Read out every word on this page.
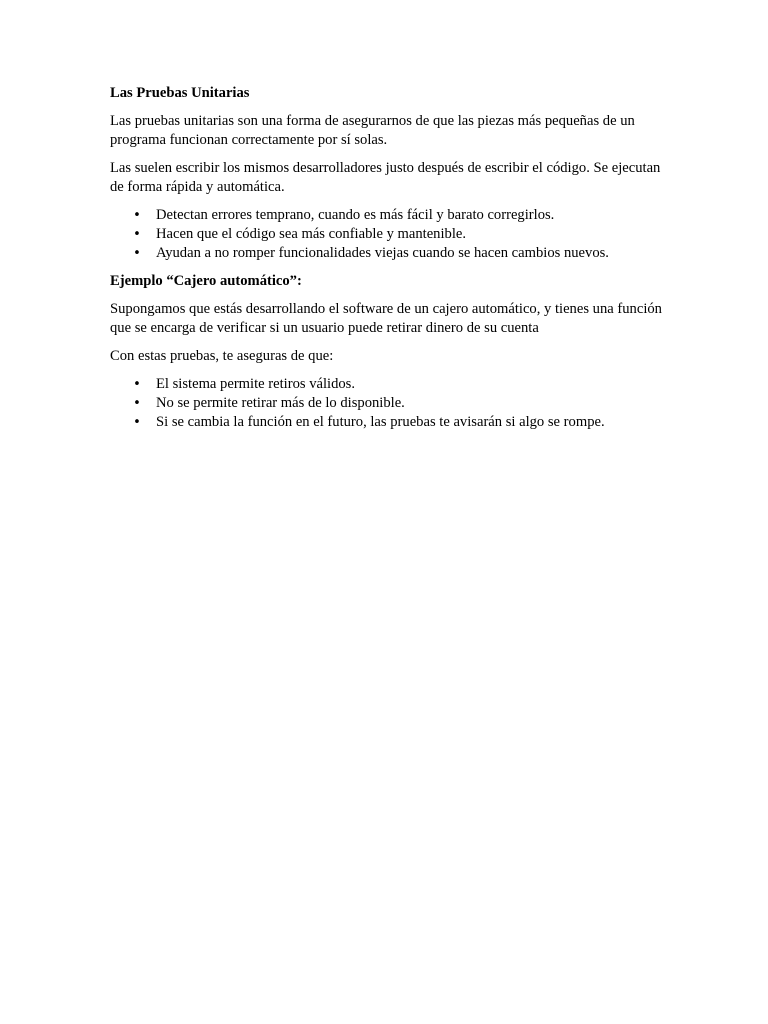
Las Pruebas Unitarias

Las pruebas unitarias son una forma de asegurarnos de que las piezas más pequeñas de un programa funcionan correctamente por sí solas.

Las suelen escribir los mismos desarrolladores justo después de escribir el código. Se ejecutan de forma rápida y automática.

• Detectan errores temprano, cuando es más fácil y barato corregirlos.
• Hacen que el código sea más confiable y mantenible.
• Ayudan a no romper funcionalidades viejas cuando se hacen cambios nuevos.

Ejemplo “Cajero automático”:

Supongamos que estás desarrollando el software de un cajero automático, y tienes una función que se encarga de verificar si un usuario puede retirar dinero de su cuenta

Con estas pruebas, te aseguras de que:

• El sistema permite retiros válidos.
• No se permite retirar más de lo disponible.
• Si se cambia la función en el futuro, las pruebas te avisarán si algo se rompe.
